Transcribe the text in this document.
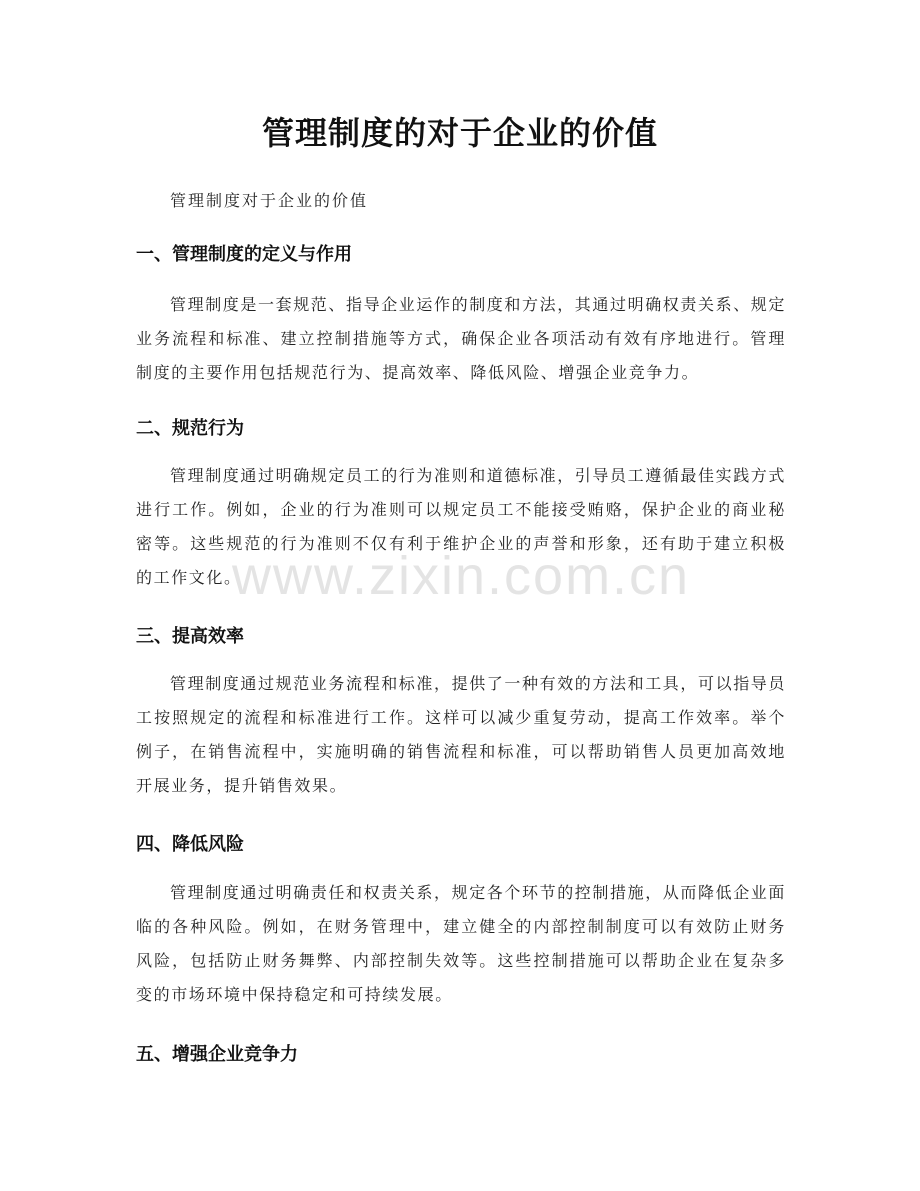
管理制度的对于企业的价值

管理制度对于企业的价值

一、管理制度的定义与作用

管理制度是一套规范、指导企业运作的制度和方法，其通过明确权责关系、规定业务流程和标准、建立控制措施等方式，确保企业各项活动有效有序地进行。管理制度的主要作用包括规范行为、提高效率、降低风险、增强企业竞争力。

二、规范行为

管理制度通过明确规定员工的行为准则和道德标准，引导员工遵循最佳实践方式进行工作。例如，企业的行为准则可以规定员工不能接受贿赂，保护企业的商业秘密等。这些规范的行为准则不仅有利于维护企业的声誉和形象，还有助于建立积极的工作文化。

三、提高效率

管理制度通过规范业务流程和标准，提供了一种有效的方法和工具，可以指导员工按照规定的流程和标准进行工作。这样可以减少重复劳动，提高工作效率。举个例子，在销售流程中，实施明确的销售流程和标准，可以帮助销售人员更加高效地开展业务，提升销售效果。

四、降低风险

管理制度通过明确责任和权责关系，规定各个环节的控制措施，从而降低企业面临的各种风险。例如，在财务管理中，建立健全的内部控制制度可以有效防止财务风险，包括防止财务舞弊、内部控制失效等。这些控制措施可以帮助企业在复杂多变的市场环境中保持稳定和可持续发展。

五、增强企业竞争力

www.zixin.com.cn
